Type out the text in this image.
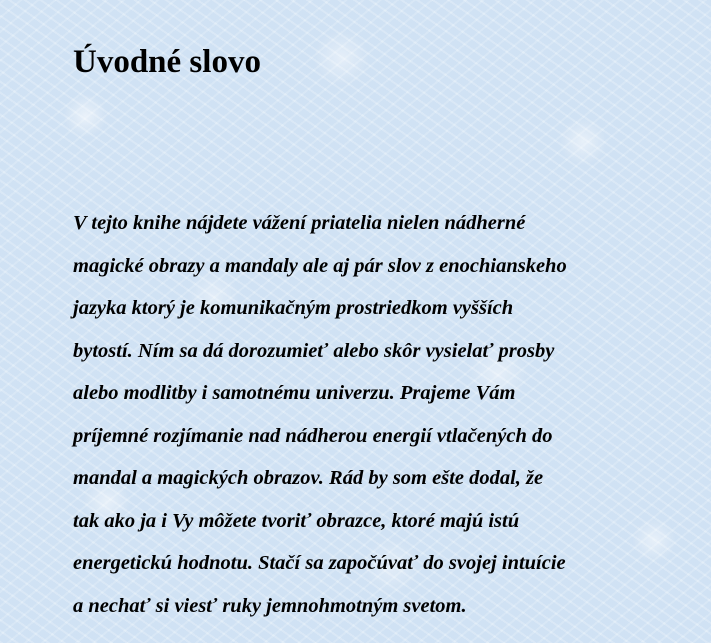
Úvodné slovo
V tejto knihe nájdete vážení priatelia nielen nádherné
magické obrazy a mandaly ale aj pár slov z enochianskeho
jazyka ktorý je komunikačným prostriedkom vyšších
bytostí. Ním sa dá dorozumieť alebo skôr vysielať prosby
alebo modlitby i samotnému univerzu. Prajeme Vám
príjemné rozjímanie nad nádherou energií vtlačených do
mandal a magických obrazov. Rád by som ešte dodal, že
tak ako ja i Vy môžete tvoriť obrazce, ktoré majú istú
energetickú hodnotu. Stačí sa započúvať do svojej intuície
a nechať si viesť ruky jemnohmotným svetom.
